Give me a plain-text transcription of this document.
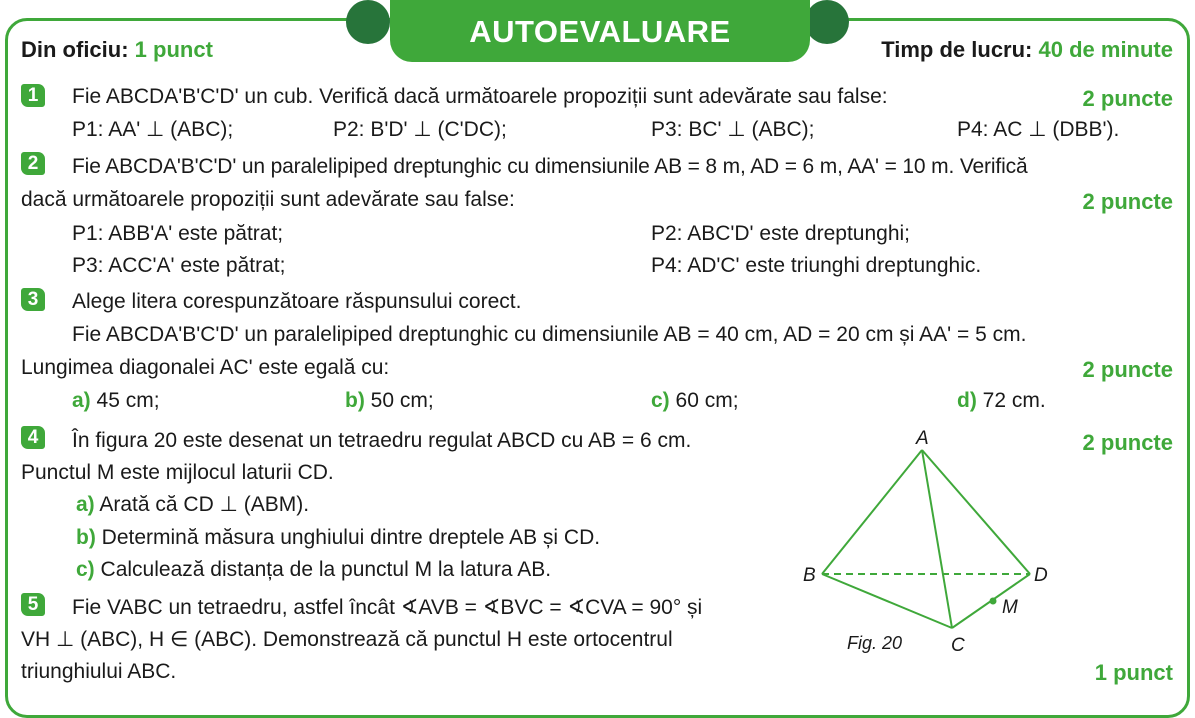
AUTOEVALUARE
Din oficiu: 1 punct	Timp de lucru: 40 de minute
1	Fie ABCDA'B'C'D' un cub. Verifică dacă următoarele propoziții sunt adevărate sau false:	2 puncte
P1: AA' ⊥ (ABC);	P2: B'D' ⊥ (C'DC);	P3: BC' ⊥ (ABC);	P4: AC ⊥ (DBB').
2	Fie ABCDA'B'C'D' un paralelipiped dreptunghic cu dimensiunile AB = 8 m, AD = 6 m, AA' = 10 m. Verifică
dacă următoarele propoziții sunt adevărate sau false:	2 puncte
P1: ABB'A' este pătrat;	P2: ABC'D' este dreptunghi;
P3: ACC'A' este pătrat;	P4: AD'C' este triunghi dreptunghic.
3	Alege litera corespunzătoare răspunsului corect.
Fie ABCDA'B'C'D' un paralelipiped dreptunghic cu dimensiunile AB = 40 cm, AD = 20 cm și AA' = 5 cm.
Lungimea diagonalei AC' este egală cu:	2 puncte
a) 45 cm;	b) 50 cm;	c) 60 cm;	d) 72 cm.
4	În figura 20 este desenat un tetraedru regulat ABCD cu AB = 6 cm.	2 puncte
Punctul M este mijlocul laturii CD.
a) Arată că CD ⊥ (ABM).
b) Determină măsura unghiului dintre dreptele AB și CD.
c) Calculează distanța de la punctul M la latura AB.
5	Fie VABC un tetraedru, astfel încât ∢AVB = ∢BVC = ∢CVA = 90° și
VH ⊥ (ABC), H ∈ (ABC). Demonstrează că punctul H este ortocentrul
triunghiului ABC.	1 punct
A
B	D
M
C
Fig. 20
